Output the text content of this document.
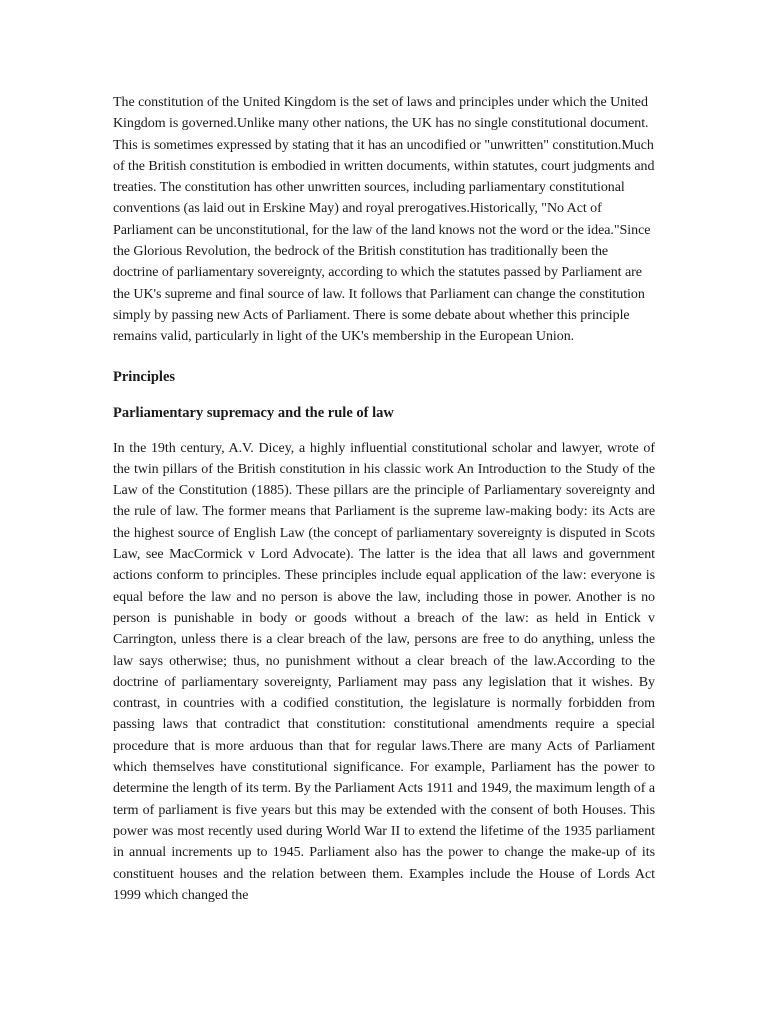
The constitution of the United Kingdom is the set of laws and principles under which the United Kingdom is governed.Unlike many other nations, the UK has no single constitutional document. This is sometimes expressed by stating that it has an uncodified or "unwritten" constitution.Much of the British constitution is embodied in written documents, within statutes, court judgments and treaties. The constitution has other unwritten sources, including parliamentary constitutional conventions (as laid out in Erskine May) and royal prerogatives.Historically, "No Act of Parliament can be unconstitutional, for the law of the land knows not the word or the idea."Since the Glorious Revolution, the bedrock of the British constitution has traditionally been the doctrine of parliamentary sovereignty, according to which the statutes passed by Parliament are the UK's supreme and final source of law. It follows that Parliament can change the constitution simply by passing new Acts of Parliament. There is some debate about whether this principle remains valid, particularly in light of the UK's membership in the European Union.

Principles
Parliamentary supremacy and the rule of law

In the 19th century, A.V. Dicey, a highly influential constitutional scholar and lawyer, wrote of the twin pillars of the British constitution in his classic work An Introduction to the Study of the Law of the Constitution (1885). These pillars are the principle of Parliamentary sovereignty and the rule of law. The former means that Parliament is the supreme law-making body: its Acts are the highest source of English Law (the concept of parliamentary sovereignty is disputed in Scots Law, see MacCormick v Lord Advocate). The latter is the idea that all laws and government actions conform to principles. These principles include equal application of the law: everyone is equal before the law and no person is above the law, including those in power. Another is no person is punishable in body or goods without a breach of the law: as held in Entick v Carrington, unless there is a clear breach of the law, persons are free to do anything, unless the law says otherwise; thus, no punishment without a clear breach of the law.According to the doctrine of parliamentary sovereignty, Parliament may pass any legislation that it wishes. By contrast, in countries with a codified constitution, the legislature is normally forbidden from passing laws that contradict that constitution: constitutional amendments require a special procedure that is more arduous than that for regular laws.There are many Acts of Parliament which themselves have constitutional significance. For example, Parliament has the power to determine the length of its term. By the Parliament Acts 1911 and 1949, the maximum length of a term of parliament is five years but this may be extended with the consent of both Houses. This power was most recently used during World War II to extend the lifetime of the 1935 parliament in annual increments up to 1945. Parliament also has the power to change the make-up of its constituent houses and the relation between them. Examples include the House of Lords Act 1999 which changed the
